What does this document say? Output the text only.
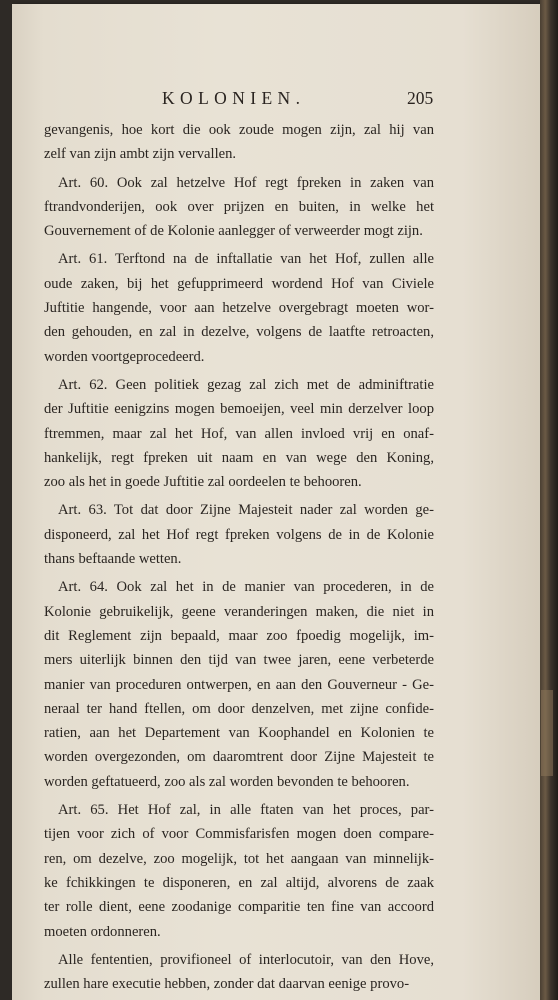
KOLONIEN.	205

gevangenis, hoe kort die ook zoude mogen zijn, zal hij van
zelf van zijn ambt zijn vervallen.

Art. 60. Ook zal hetzelve Hof regt fpreken in zaken van
ftrandvonderijen, ook over prijzen en buiten, in welke het
Gouvernement of de Kolonie aanlegger of verweerder mogt zijn.

Art. 61. Terftond na de inftallatie van het Hof, zullen alle
oude zaken, bij het gefupprimeerd wordend Hof van Civiele
Juftitie hangende, voor aan hetzelve overgebragt moeten wor-
den gehouden, en zal in dezelve, volgens de laatfte retroacten,
worden voortgeprocedeerd.

Art. 62. Geen politiek gezag zal zich met de adminiftratie
der Juftitie eenigzins mogen bemoeijen, veel min derzelver loop
ftremmen, maar zal het Hof, van allen invloed vrij en onaf-
hankelijk, regt fpreken uit naam en van wege den Koning,
zoo als het in goede Juftitie zal oordeelen te behooren.

Art. 63. Tot dat door Zijne Majesteit nader zal worden ge-
disponeerd, zal het Hof regt fpreken volgens de in de Kolonie
thans beftaande wetten.

Art. 64. Ook zal het in de manier van procederen, in de
Kolonie gebruikelijk, geene veranderingen maken, die niet in
dit Reglement zijn bepaald, maar zoo fpoedig mogelijk, im-
mers uiterlijk binnen den tijd van twee jaren, eene verbeterde
manier van proceduren ontwerpen, en aan den Gouverneur - Ge-
neraal ter hand ftellen, om door denzelven, met zijne confide-
ratien, aan het Departement van Koophandel en Kolonien te
worden overgezonden, om daaromtrent door Zijne Majesteit te
worden geftatueerd, zoo als zal worden bevonden te behooren.

Art. 65. Het Hof zal, in alle ftaten van het proces, par-
tijen voor zich of voor Commisfarisfen mogen doen compare-
ren, om dezelve, zoo mogelijk, tot het aangaan van minnelijk-
ke fchikkingen te disponeren, en zal altijd, alvorens de zaak
ter rolle dient, eene zoodanige comparitie ten fine van accoord
moeten ordonneren.

Alle fententien, provifioneel of interlocutoir, van den Hove,
zullen hare executie hebben, zonder dat daarvan eenige provo-
